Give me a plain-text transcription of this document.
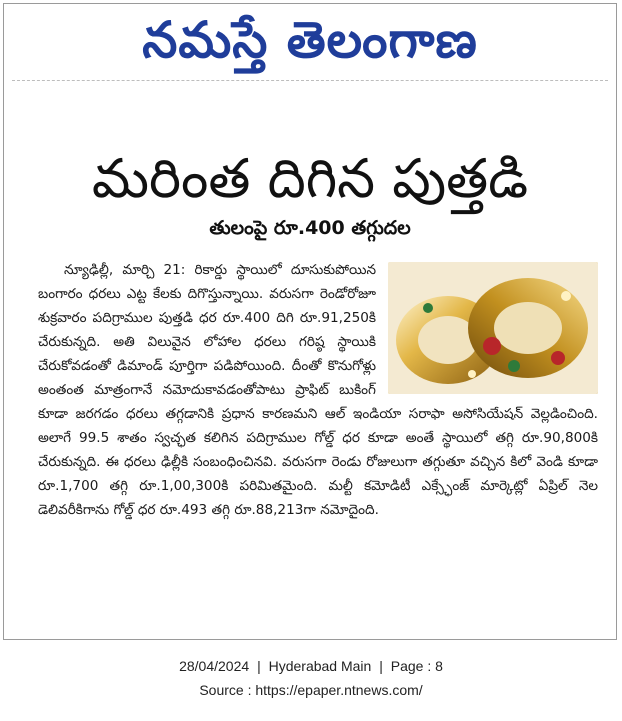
నమస్తే తెలంగాణ
మరింత దిగిన పుత్తడి
తులంపై రూ.400 తగ్గుదల

న్యూఢిల్లీ, మార్చి 21: రికార్డు స్థాయిలో దూసుకుపోయిన బంగారం ధరలు ఎట్ట కేలకు దిగొస్తున్నాయి. వరుసగా రెండోరోజూ శుక్రవారం పదిగ్రాముల పుత్తడి ధర రూ.400 దిగి రూ.91,250కి చేరుకున్నది. అతి విలువైన లోహాల ధరలు గరిష్ఠ స్థాయికి చేరుకోవడంతో డిమాండ్ పూర్తిగా పడిపోయింది. దీంతో కొనుగోళ్లు అంతంత మాత్రంగానే నమోదుకావడంతోపాటు ప్రాఫిట్ బుకింగ్ కూడా జరగడం ధరలు తగ్గడానికి ప్రధాన కారణమని ఆల్ ఇండియా సరాఫా అసోసియేషన్ వెల్లడించింది. అలాగే 99.5 శాతం స్వచ్ఛత కలిగిన పదిగ్రాముల గోల్డ్ ధర కూడా అంతే స్థాయిలో తగ్గి రూ.90,800కి చేరుకున్నది. ఈ ధరలు ఢిల్లీకి సంబంధించినవి. వరుసగా రెండు రోజులుగా తగ్గుతూ వచ్చిన కిలో వెండి కూడా రూ.1,700 తగ్గి రూ.1,00,300కి పరిమితమైంది. మల్టీ కమోడిటీ ఎక్స్ఛేంజ్ మార్కెట్లో ఏప్రిల్ నెల డెలివరీకిగాను గోల్డ్ ధర రూ.493 తగ్గి రూ.88,213గా నమోదైంది.

28/04/2024 | Hyderabad Main | Page : 8
Source : https://epaper.ntnews.com/
